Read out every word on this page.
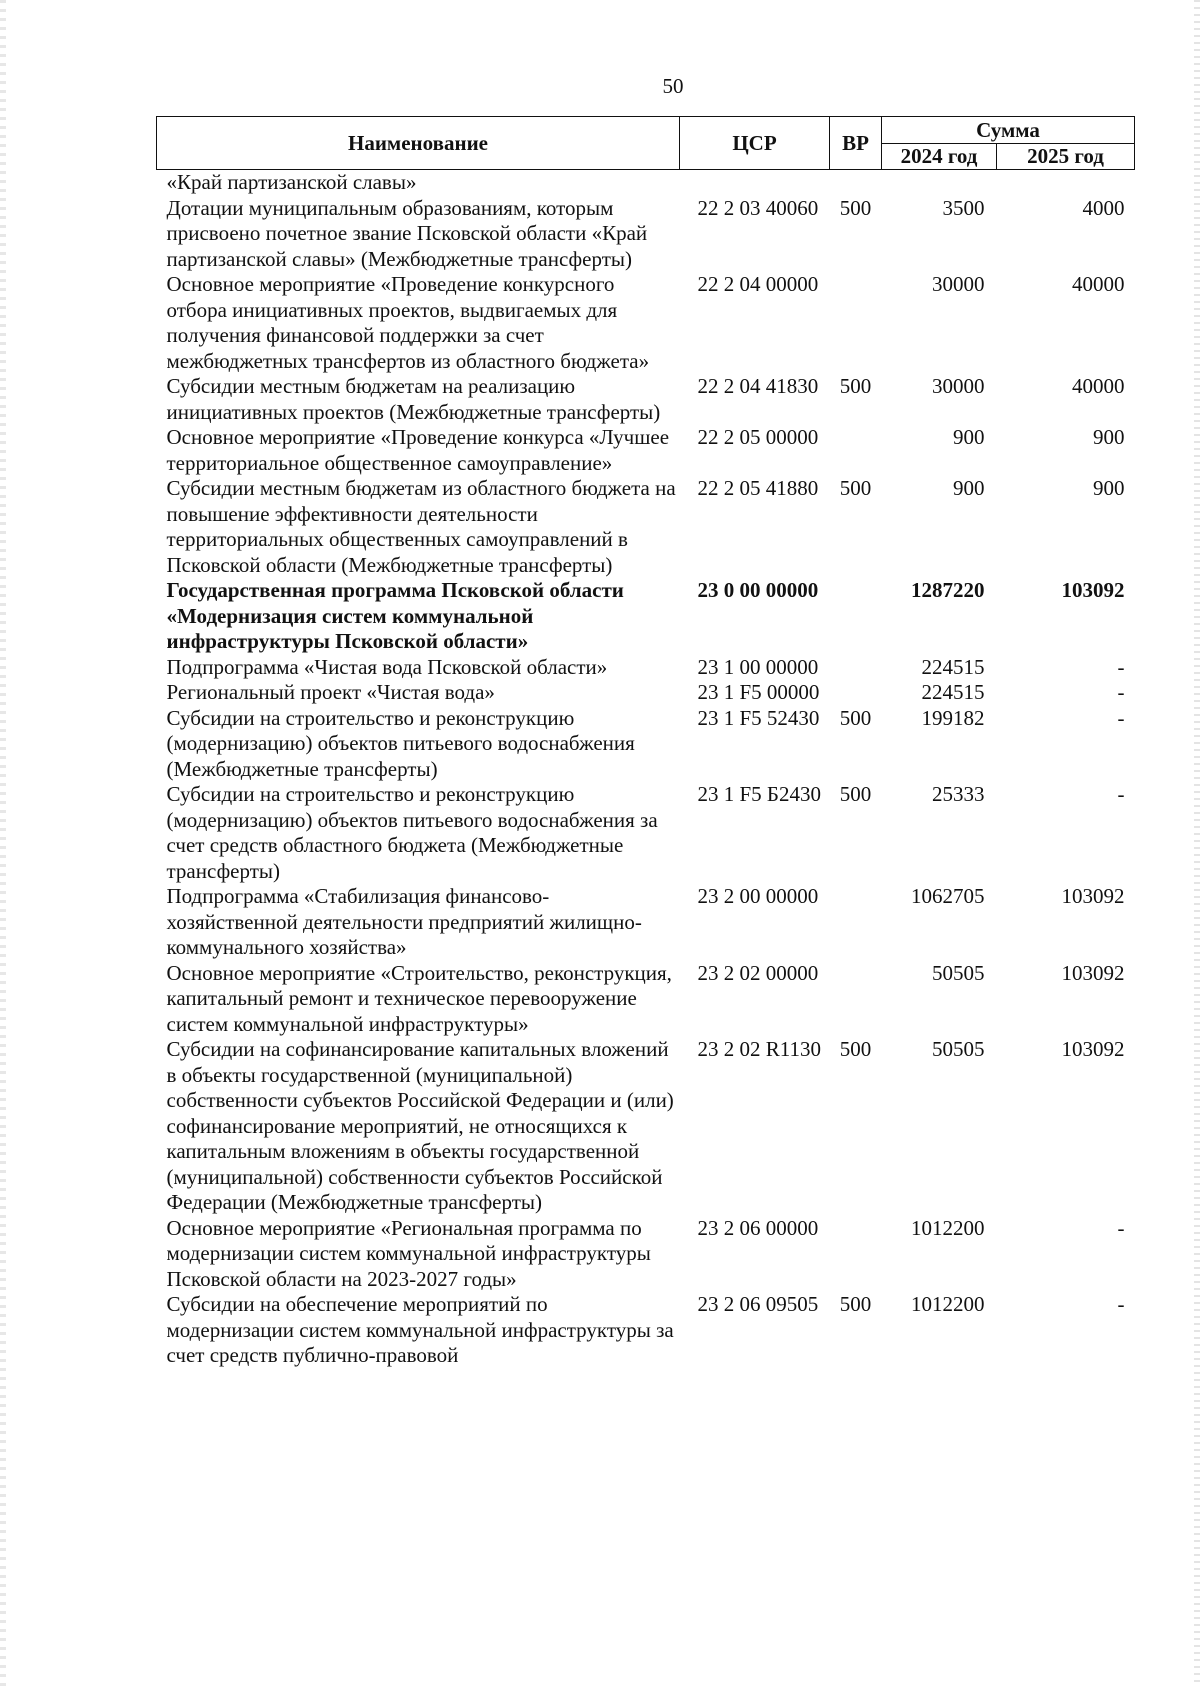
50
Наименование	ЦСР	ВР	Сумма	
			2024 год	2025 год
«Край партизанской славы»				
Дотации муниципальным образованиям, которым присвоено почетное звание Псковской области «Край партизанской славы» (Межбюджетные трансферты)	22 2 03 40060	500	3500	4000
Основное мероприятие «Проведение конкурсного отбора инициативных проектов, выдвигаемых для получения финансовой поддержки за счет межбюджетных трансфертов из областного бюджета»	22 2 04 00000		30000	40000
Субсидии местным бюджетам на реализацию инициативных проектов (Межбюджетные трансферты)	22 2 04 41830	500	30000	40000
Основное мероприятие «Проведение конкурса «Лучшее территориальное общественное самоуправление»	22 2 05 00000		900	900
Субсидии местным бюджетам из областного бюджета на повышение эффективности деятельности территориальных общественных самоуправлений в Псковской области (Межбюджетные трансферты)	22 2 05 41880	500	900	900
Государственная программа Псковской области «Модернизация систем коммунальной инфраструктуры Псковской области»	23 0 00 00000		1287220	103092
Подпрограмма «Чистая вода Псковской области»	23 1 00 00000		224515	-
Региональный проект «Чистая вода»	23 1 F5 00000		224515	-
Субсидии на строительство и реконструкцию (модернизацию) объектов питьевого водоснабжения (Межбюджетные трансферты)	23 1 F5 52430	500	199182	-
Субсидии на строительство и реконструкцию (модернизацию) объектов питьевого водоснабжения за счет средств областного бюджета (Межбюджетные трансферты)	23 1 F5 Б2430	500	25333	-
Подпрограмма «Стабилизация финансово-хозяйственной деятельности предприятий жилищно-коммунального хозяйства»	23 2 00 00000		1062705	103092
Основное мероприятие «Строительство, реконструкция, капитальный ремонт и техническое перевооружение систем коммунальной инфраструктуры»	23 2 02 00000		50505	103092
Субсидии на софинансирование капитальных вложений в объекты государственной (муниципальной) собственности субъектов Российской Федерации и (или) софинансирование мероприятий, не относящихся к капитальным вложениям в объекты государственной (муниципальной) собственности субъектов Российской Федерации (Межбюджетные трансферты)	23 2 02 R1130	500	50505	103092
Основное мероприятие «Региональная программа по модернизации систем коммунальной инфраструктуры Псковской области на 2023-2027 годы»	23 2 06 00000		1012200	-
Субсидии на обеспечение мероприятий по модернизации систем коммунальной инфраструктуры за счет средств публично-правовой	23 2 06 09505	500	1012200	-
